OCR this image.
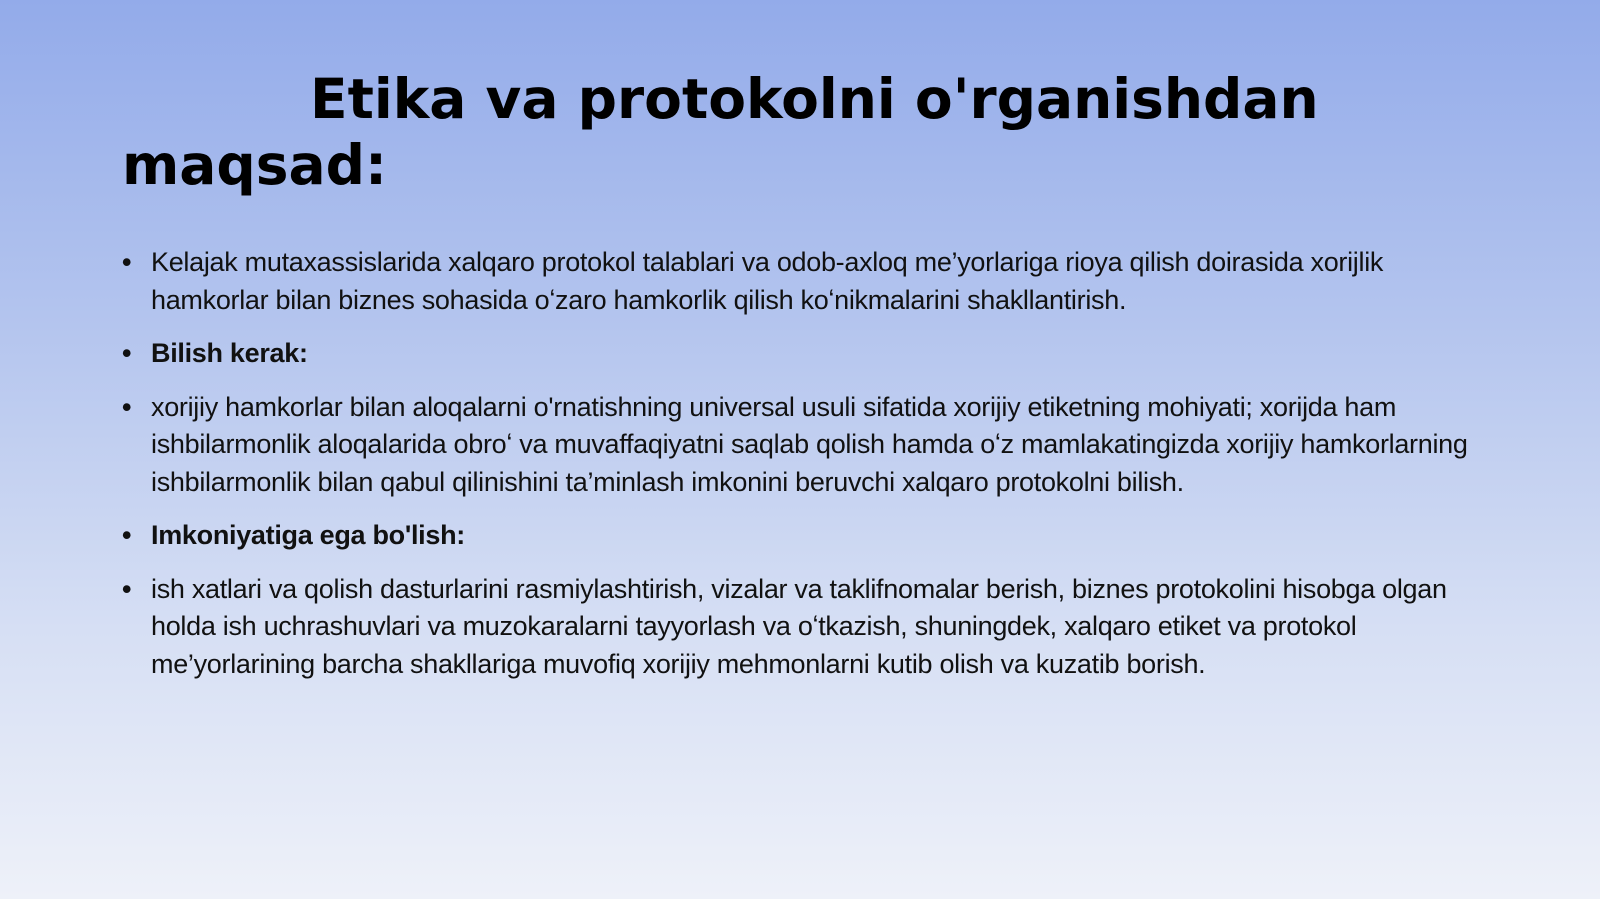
Etika va protokolni o'rganishdan maqsad:
• Kelajak mutaxassislarida xalqaro protokol talablari va odob-axloq me’yorlariga rioya qilish doirasida xorijlik hamkorlar bilan biznes sohasida oʻzaro hamkorlik qilish koʻnikmalarini shakllantirish.
• Bilish kerak:
• xorijiy hamkorlar bilan aloqalarni o'rnatishning universal usuli sifatida xorijiy etiketning mohiyati; xorijda ham ishbilarmonlik aloqalarida obroʻ va muvaffaqiyatni saqlab qolish hamda oʻz mamlakatingizda xorijiy hamkorlarning ishbilarmonlik bilan qabul qilinishini ta’minlash imkonini beruvchi xalqaro protokolni bilish.
• Imkoniyatiga ega bo'lish:
• ish xatlari va qolish dasturlarini rasmiylashtirish, vizalar va taklifnomalar berish, biznes protokolini hisobga olgan holda ish uchrashuvlari va muzokaralarni tayyorlash va oʻtkazish, shuningdek, xalqaro etiket va protokol me’yorlarining barcha shakllariga muvofiq xorijiy mehmonlarni kutib olish va kuzatib borish.
